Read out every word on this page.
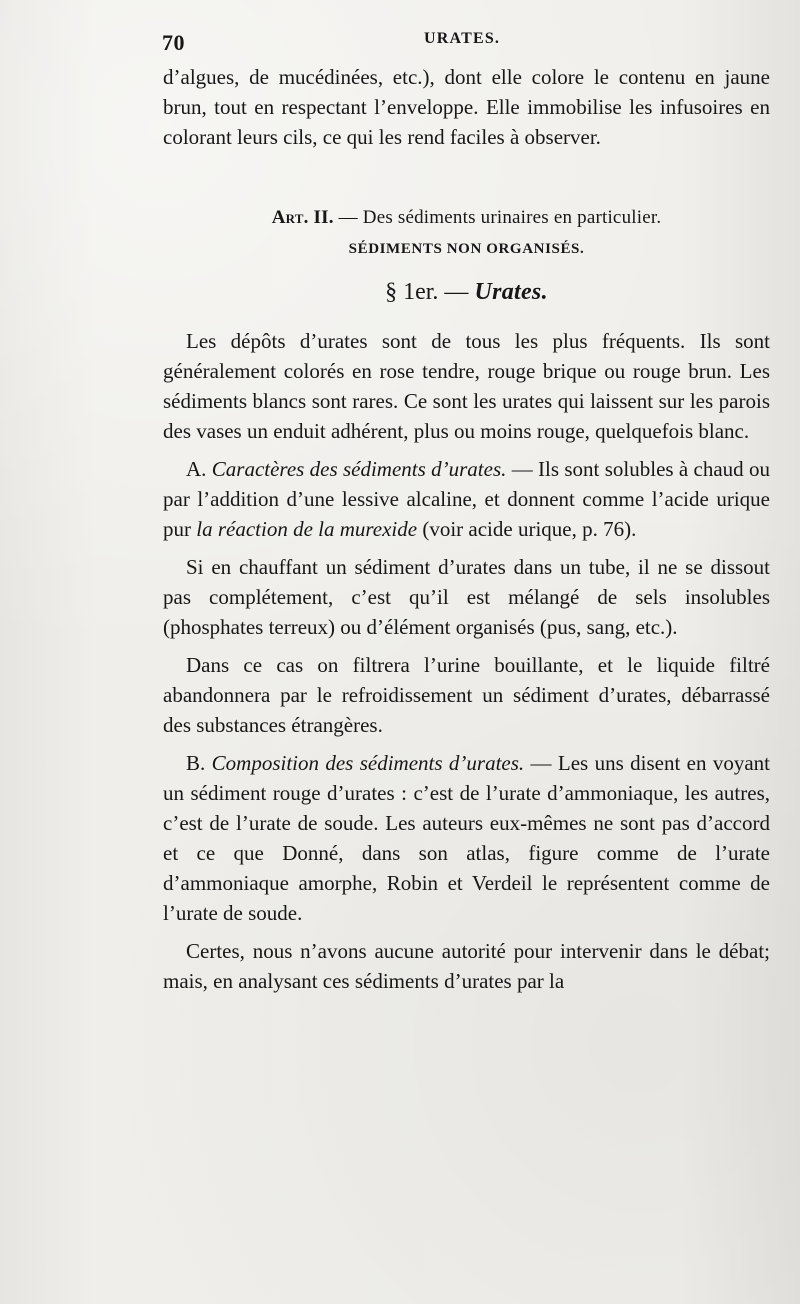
70	URATES.

d’algues, de mucédinées, etc.), dont elle colore le contenu en jaune brun, tout en respectant l’enveloppe. Elle immobilise les infusoires en colorant leurs cils, ce qui les rend faciles à observer.

Art. II. — Des sédiments urinaires en particulier.
SÉDIMENTS NON ORGANISÉS.
§ 1er. — Urates.

Les dépôts d’urates sont de tous les plus fréquents. Ils sont généralement colorés en rose tendre, rouge brique ou rouge brun. Les sédiments blancs sont rares. Ce sont les urates qui laissent sur les parois des vases un enduit adhérent, plus ou moins rouge, quelquefois blanc.

A. Caractères des sédiments d’urates. — Ils sont solubles à chaud ou par l’addition d’une lessive alcaline, et donnent comme l’acide urique pur la réaction de la murexide (voir acide urique, p. 76).

Si en chauffant un sédiment d’urates dans un tube, il ne se dissout pas complétement, c’est qu’il est mélangé de sels insolubles (phosphates terreux) ou d’élément organisés (pus, sang, etc.).

Dans ce cas on filtrera l’urine bouillante, et le liquide filtré abandonnera par le refroidissement un sédiment d’urates, débarrassé des substances étrangères.

B. Composition des sédiments d’urates. — Les uns disent en voyant un sédiment rouge d’urates : c’est de l’urate d’ammoniaque, les autres, c’est de l’urate de soude. Les auteurs eux-mêmes ne sont pas d’accord et ce que Donné, dans son atlas, figure comme de l’urate d’ammoniaque amorphe, Robin et Verdeil le représentent comme de l’urate de soude.

Certes, nous n’avons aucune autorité pour intervenir dans le débat; mais, en analysant ces sédiments d’urates par la
